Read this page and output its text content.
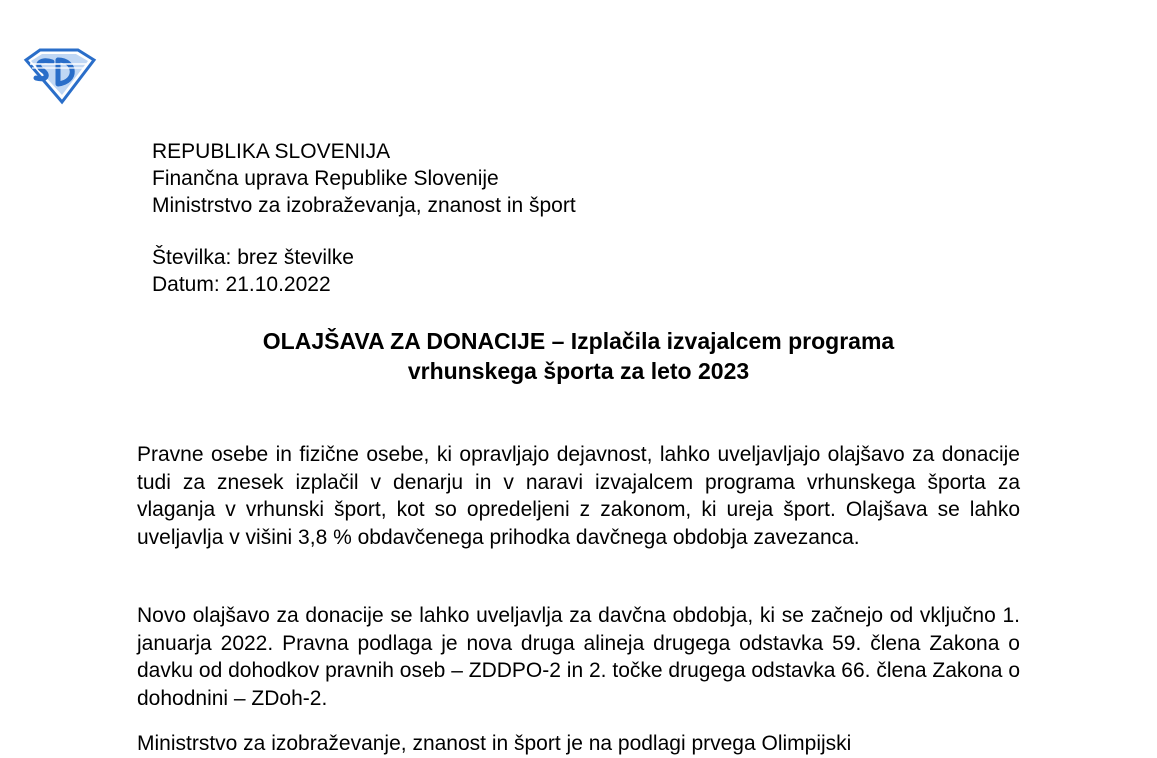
REPUBLIKA SLOVENIJA
Finančna uprava Republike Slovenije
Ministrstvo za izobraževanja, znanost in šport
Številka: brez številke
Datum: 21.10.2022
OLAJŠAVA ZA DONACIJE – Izplačila izvajalcem programa
vrhunskega športa za leto 2023

Pravne osebe in fizične osebe, ki opravljajo dejavnost, lahko uveljavljajo olajšavo za donacije tudi za znesek izplačil v denarju in v naravi izvajalcem programa vrhunskega športa za vlaganja v vrhunski šport, kot so opredeljeni z zakonom, ki ureja šport. Olajšava se lahko uveljavlja v višini 3,8 % obdavčenega prihodka davčnega obdobja zavezanca.

Novo olajšavo za donacije se lahko uveljavlja za davčna obdobja, ki se začnejo od vključno 1. januarja 2022. Pravna podlaga je nova druga alineja drugega odstavka 59. člena Zakona o davku od dohodkov pravnih oseb – ZDDPO-2 in 2. točke drugega odstavka 66. člena Zakona o dohodnini – ZDoh-2.

Ministrstvo za izobraževanje, znanost in šport je na podlagi prvega Olimpijski
